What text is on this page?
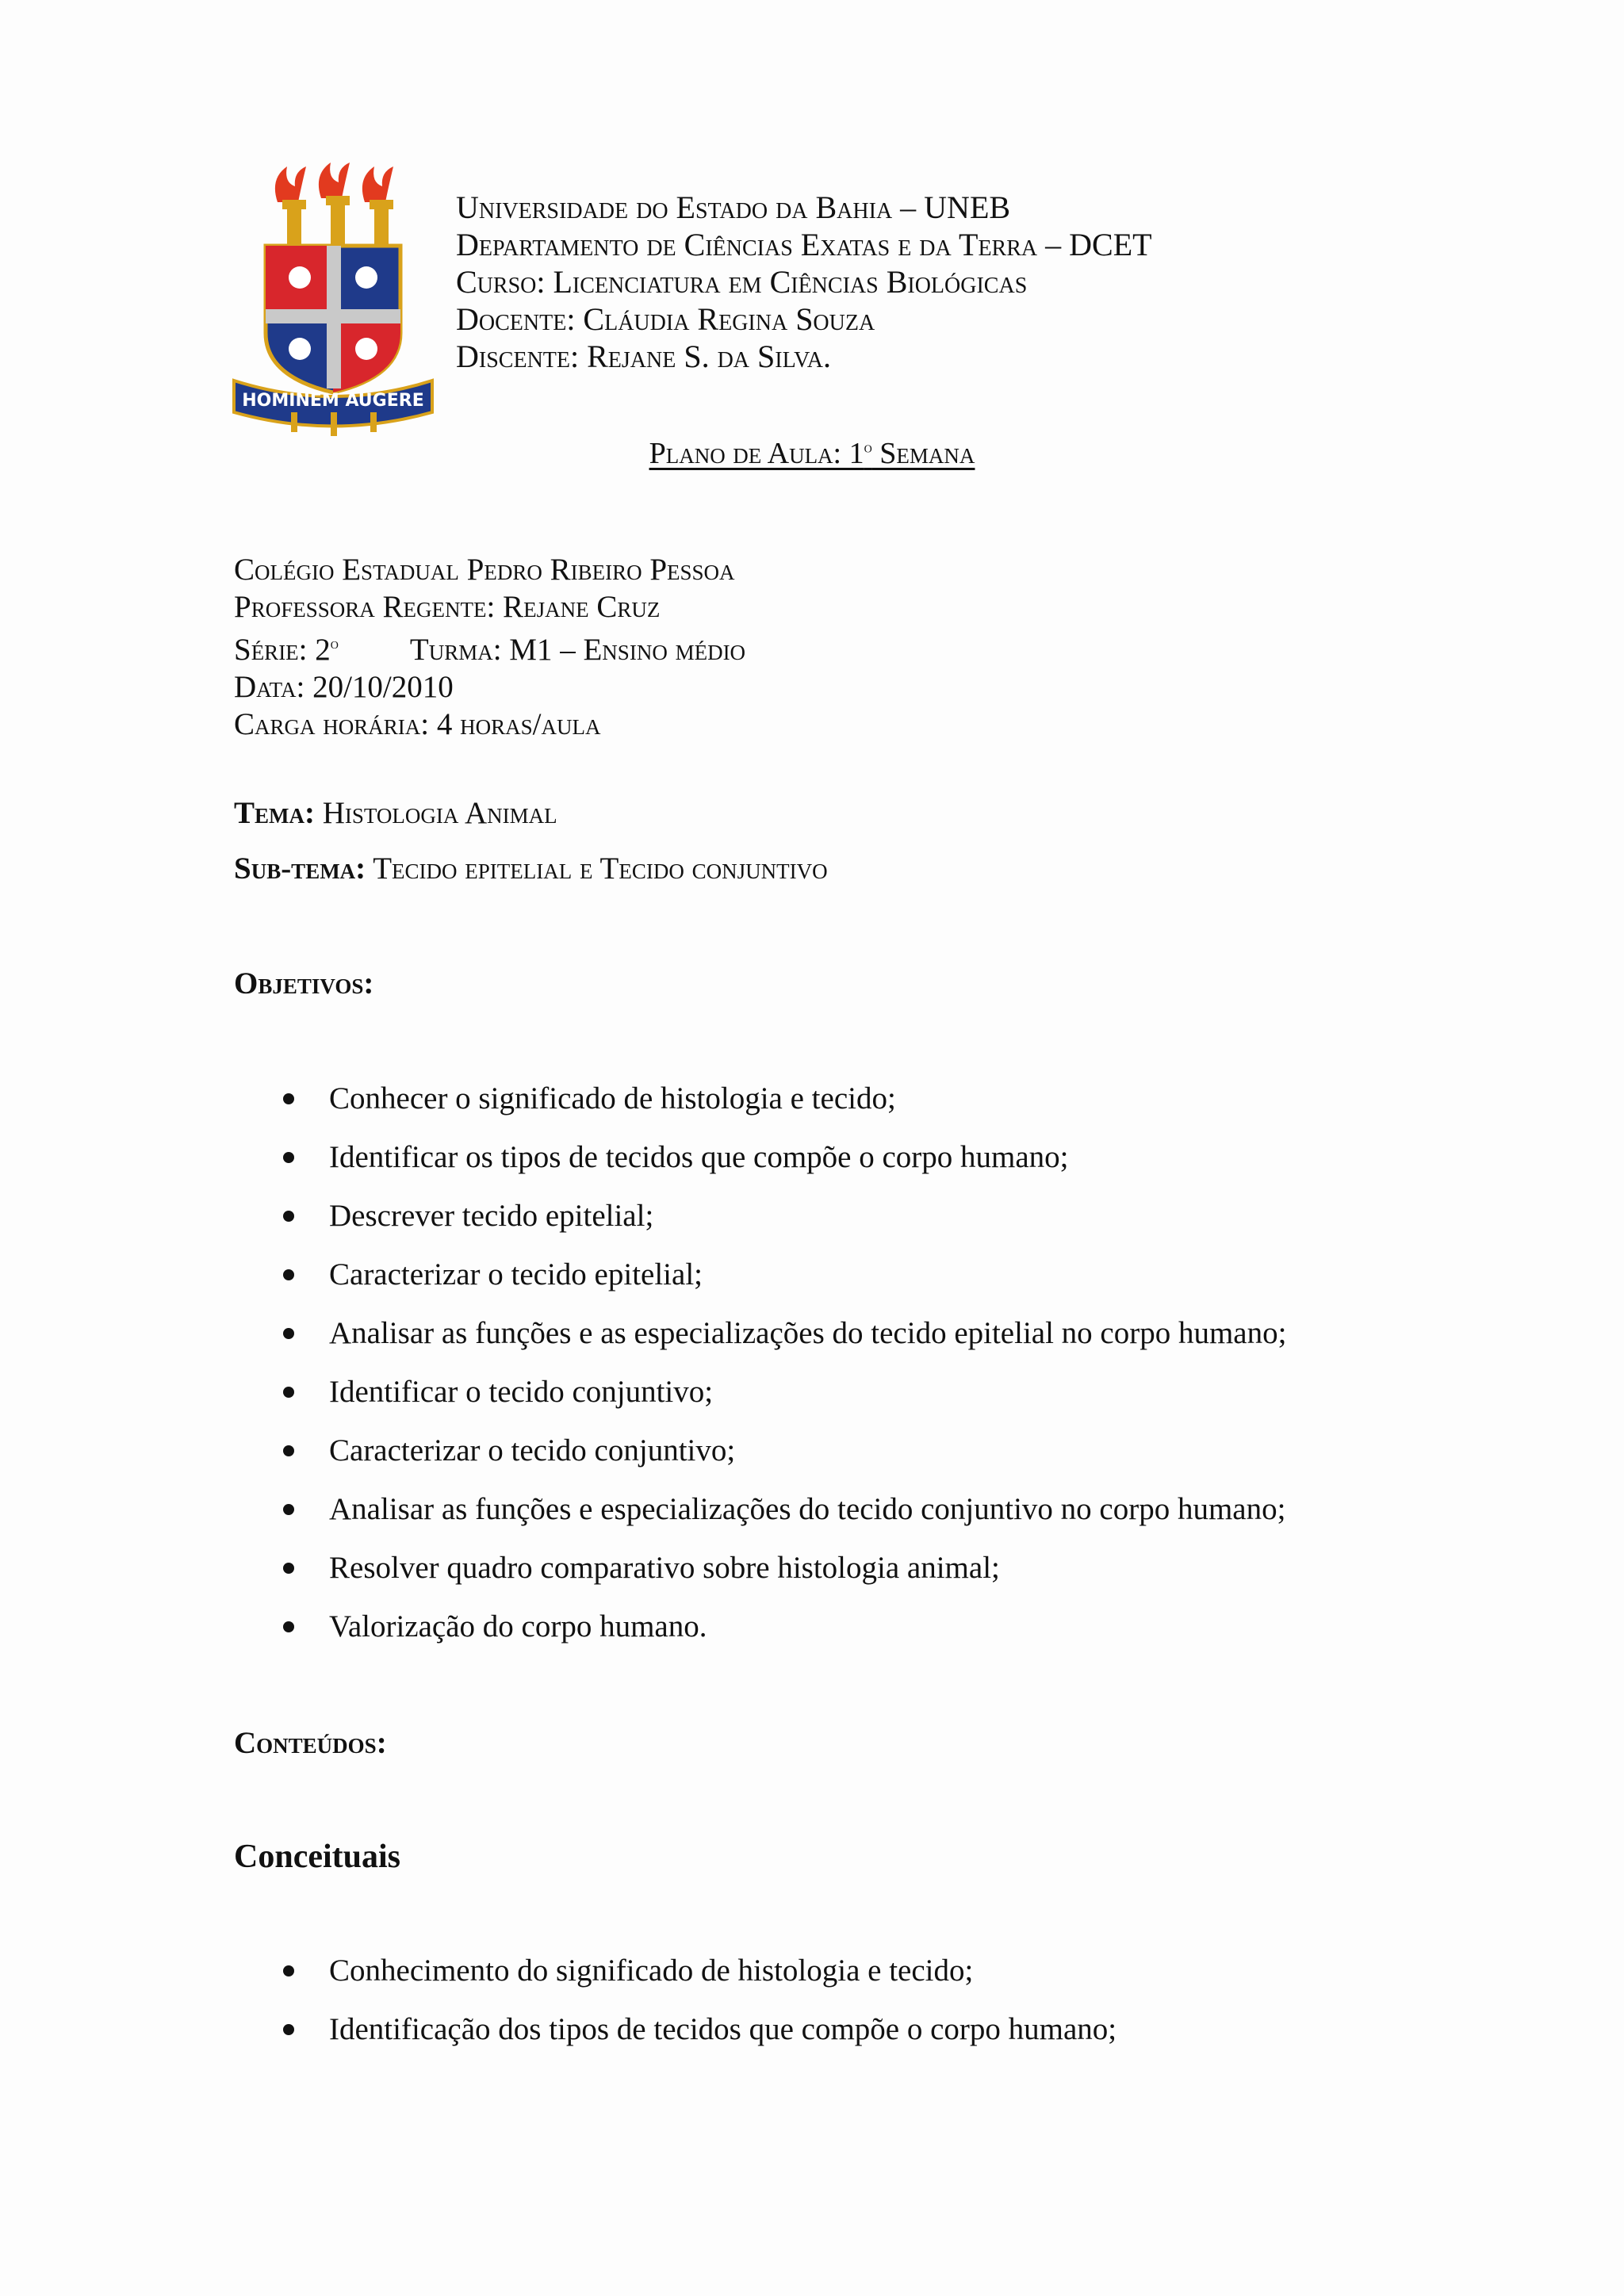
HOMINEM AUGERE
Universidade do Estado da Bahia – UNEB
Departamento de Ciências Exatas e da Terra – DCET
Curso: Licenciatura em Ciências Biológicas
Docente: Cláudia Regina Souza
Discente: Rejane S. da Silva.
Plano de Aula: 1$^o$ Semana
Colégio Estadual Pedro Ribeiro Pessoa
Professora Regente: Rejane Cruz
Série: 2$^o$ Turma: M1 – Ensino médio
Data: 20/10/2010
Carga horária: 4 horas/aula
Tema: Histologia Animal
Sub-tema: Tecido epitelial e Tecido conjuntivo
Objetivos:
Conhecer o significado de histologia e tecido;
Identificar os tipos de tecidos que compõe o corpo humano;
Descrever tecido epitelial;
Caracterizar o tecido epitelial;
Analisar as funções e as especializações do tecido epitelial no corpo humano;
Identificar o tecido conjuntivo;
Caracterizar o tecido conjuntivo;
Analisar as funções e especializações do tecido conjuntivo no corpo humano;
Resolver quadro comparativo sobre histologia animal;
Valorização do corpo humano.
Conteúdos:
Conceituais
Conhecimento do significado de histologia e tecido;
Identificação dos tipos de tecidos que compõe o corpo humano;
